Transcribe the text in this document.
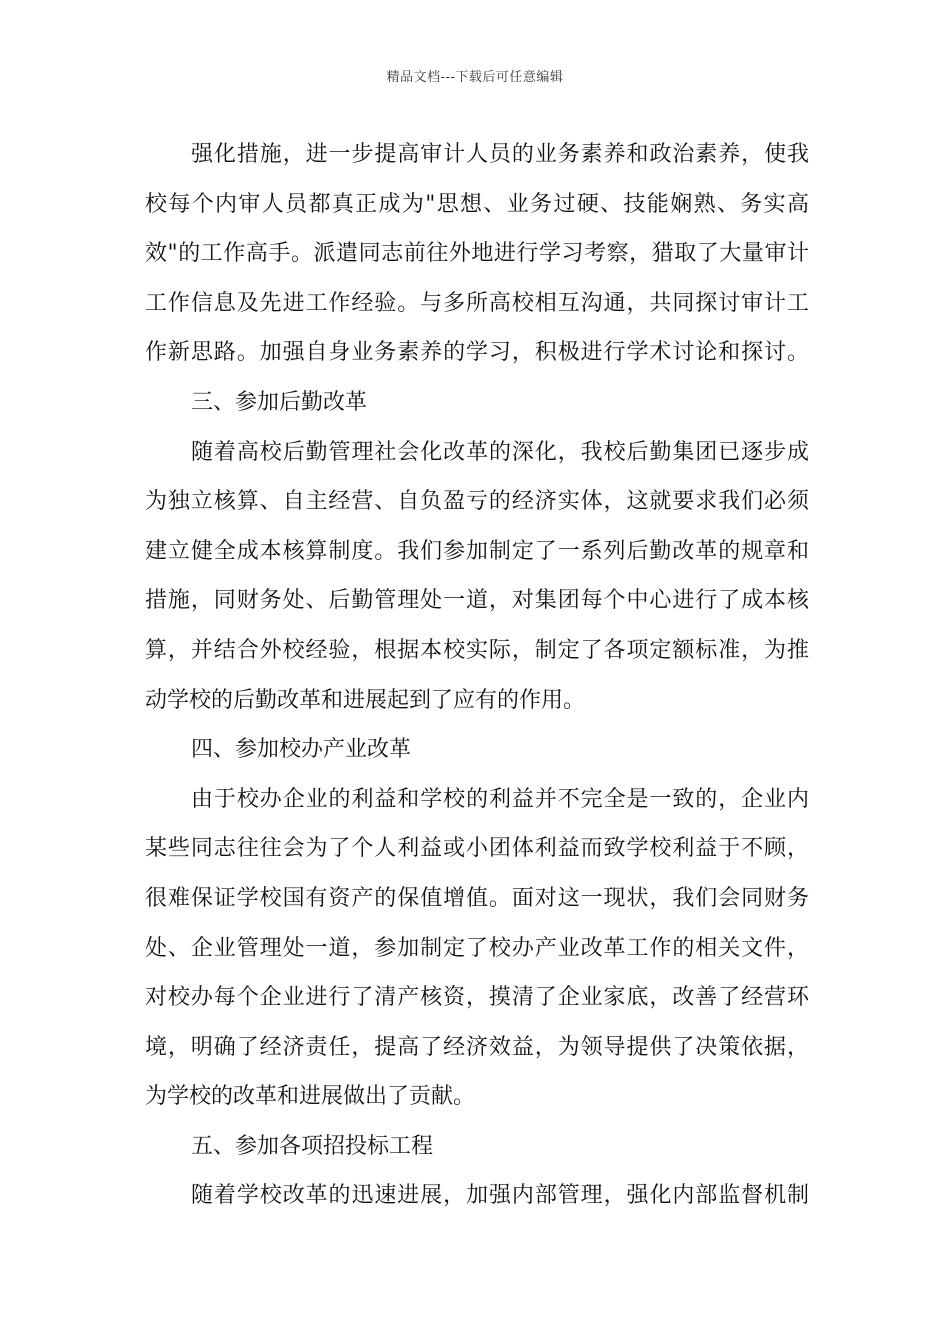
精品文档---下载后可任意编辑
强化措施，进一步提高审计人员的业务素养和政治素养，使我
校每个内审人员都真正成为"思想、业务过硬、技能娴熟、务实高
效"的工作高手。派遣同志前往外地进行学习考察，猎取了大量审计
工作信息及先进工作经验。与多所高校相互沟通，共同探讨审计工
作新思路。加强自身业务素养的学习，积极进行学术讨论和探讨。
三、参加后勤改革
随着高校后勤管理社会化改革的深化，我校后勤集团已逐步成
为独立核算、自主经营、自负盈亏的经济实体，这就要求我们必须
建立健全成本核算制度。我们参加制定了一系列后勤改革的规章和
措施，同财务处、后勤管理处一道，对集团每个中心进行了成本核
算，并结合外校经验，根据本校实际，制定了各项定额标准，为推
动学校的后勤改革和进展起到了应有的作用。
四、参加校办产业改革
由于校办企业的利益和学校的利益并不完全是一致的，企业内
某些同志往往会为了个人利益或小团体利益而致学校利益于不顾，
很难保证学校国有资产的保值增值。面对这一现状，我们会同财务
处、企业管理处一道，参加制定了校办产业改革工作的相关文件，
对校办每个企业进行了清产核资，摸清了企业家底，改善了经营环
境，明确了经济责任，提高了经济效益，为领导提供了决策依据，
为学校的改革和进展做出了贡献。
五、参加各项招投标工程
随着学校改革的迅速进展，加强内部管理，强化内部监督机制
